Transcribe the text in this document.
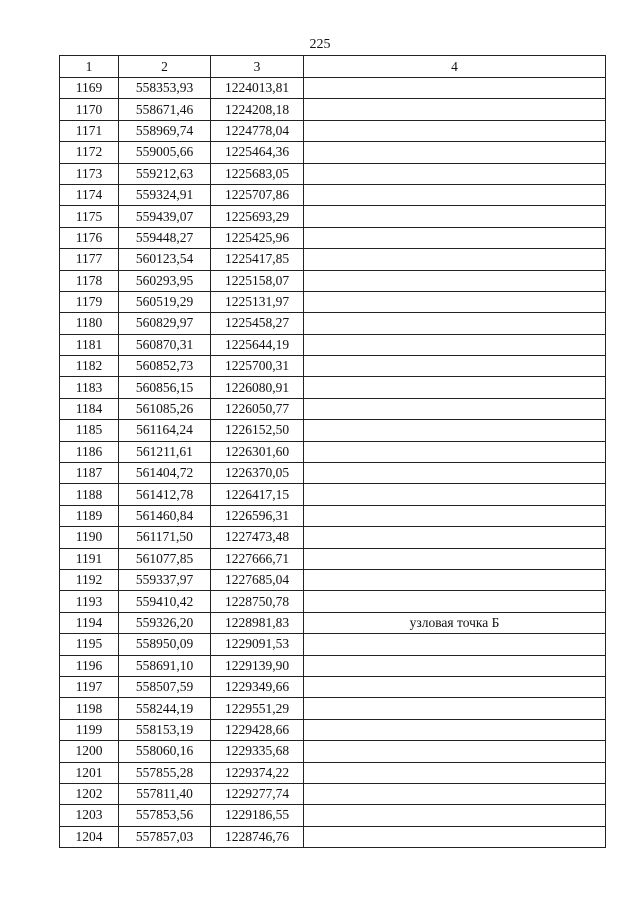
225
1	2	3	4
1169	558353,93	1224013,81	
1170	558671,46	1224208,18	
1171	558969,74	1224778,04	
1172	559005,66	1225464,36	
1173	559212,63	1225683,05	
1174	559324,91	1225707,86	
1175	559439,07	1225693,29	
1176	559448,27	1225425,96	
1177	560123,54	1225417,85	
1178	560293,95	1225158,07	
1179	560519,29	1225131,97	
1180	560829,97	1225458,27	
1181	560870,31	1225644,19	
1182	560852,73	1225700,31	
1183	560856,15	1226080,91	
1184	561085,26	1226050,77	
1185	561164,24	1226152,50	
1186	561211,61	1226301,60	
1187	561404,72	1226370,05	
1188	561412,78	1226417,15	
1189	561460,84	1226596,31	
1190	561171,50	1227473,48	
1191	561077,85	1227666,71	
1192	559337,97	1227685,04	
1193	559410,42	1228750,78	
1194	559326,20	1228981,83	узловая точка Б
1195	558950,09	1229091,53	
1196	558691,10	1229139,90	
1197	558507,59	1229349,66	
1198	558244,19	1229551,29	
1199	558153,19	1229428,66	
1200	558060,16	1229335,68	
1201	557855,28	1229374,22	
1202	557811,40	1229277,74	
1203	557853,56	1229186,55	
1204	557857,03	1228746,76	
